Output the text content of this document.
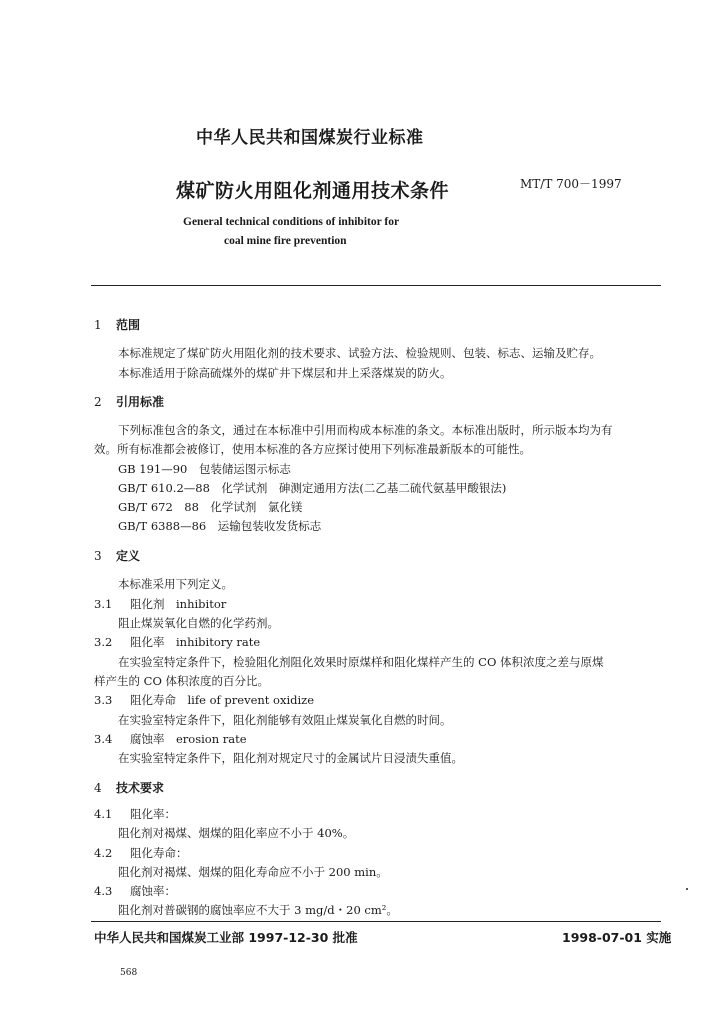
中华人民共和国煤炭行业标准
煤矿防火用阻化剂通用技术条件	MT/T 700－1997
General technical conditions of inhibitor for
coal mine fire prevention
1 范围
本标准规定了煤矿防火用阻化剂的技术要求、试验方法、检验规则、包装、标志、运输及贮存。
本标准适用于除高硫煤外的煤矿井下煤层和井上采落煤炭的防火。
2 引用标准
下列标准包含的条文，通过在本标准中引用而构成本标准的条文。本标准出版时，所示版本均为有
效。所有标准都会被修订，使用本标准的各方应探讨使用下列标准最新版本的可能性。
GB 191—90　包装储运图示标志
GB/T 610.2—88　化学试剂　砷测定通用方法(二乙基二硫代氨基甲酸银法)
GB/T 672　88　化学试剂　氯化镁
GB/T 6388—86　运输包装收发货标志
3 定义
本标准采用下列定义。
3.1 阻化剂　inhibitor
阻止煤炭氧化自燃的化学药剂。
3.2 阻化率　inhibitory rate
在实验室特定条件下，检验阻化剂阻化效果时原煤样和阻化煤样产生的 CO 体积浓度之差与原煤
样产生的 CO 体积浓度的百分比。
3.3 阻化寿命　life of prevent oxidize
在实验室特定条件下，阻化剂能够有效阻止煤炭氧化自燃的时间。
3.4 腐蚀率　erosion rate
在实验室特定条件下，阻化剂对规定尺寸的金属试片日浸渍失重值。
4 技术要求
4.1 阻化率：
阻化剂对褐煤、烟煤的阻化率应不小于 40%。
4.2 阻化寿命：
阻化剂对褐煤、烟煤的阻化寿命应不小于 200 min。
4.3 腐蚀率：
阻化剂对普碳钢的腐蚀率应不大于 3 mg/d・20 cm²。
中华人民共和国煤炭工业部 1997-12-30 批准	1998-07-01 实施
568
